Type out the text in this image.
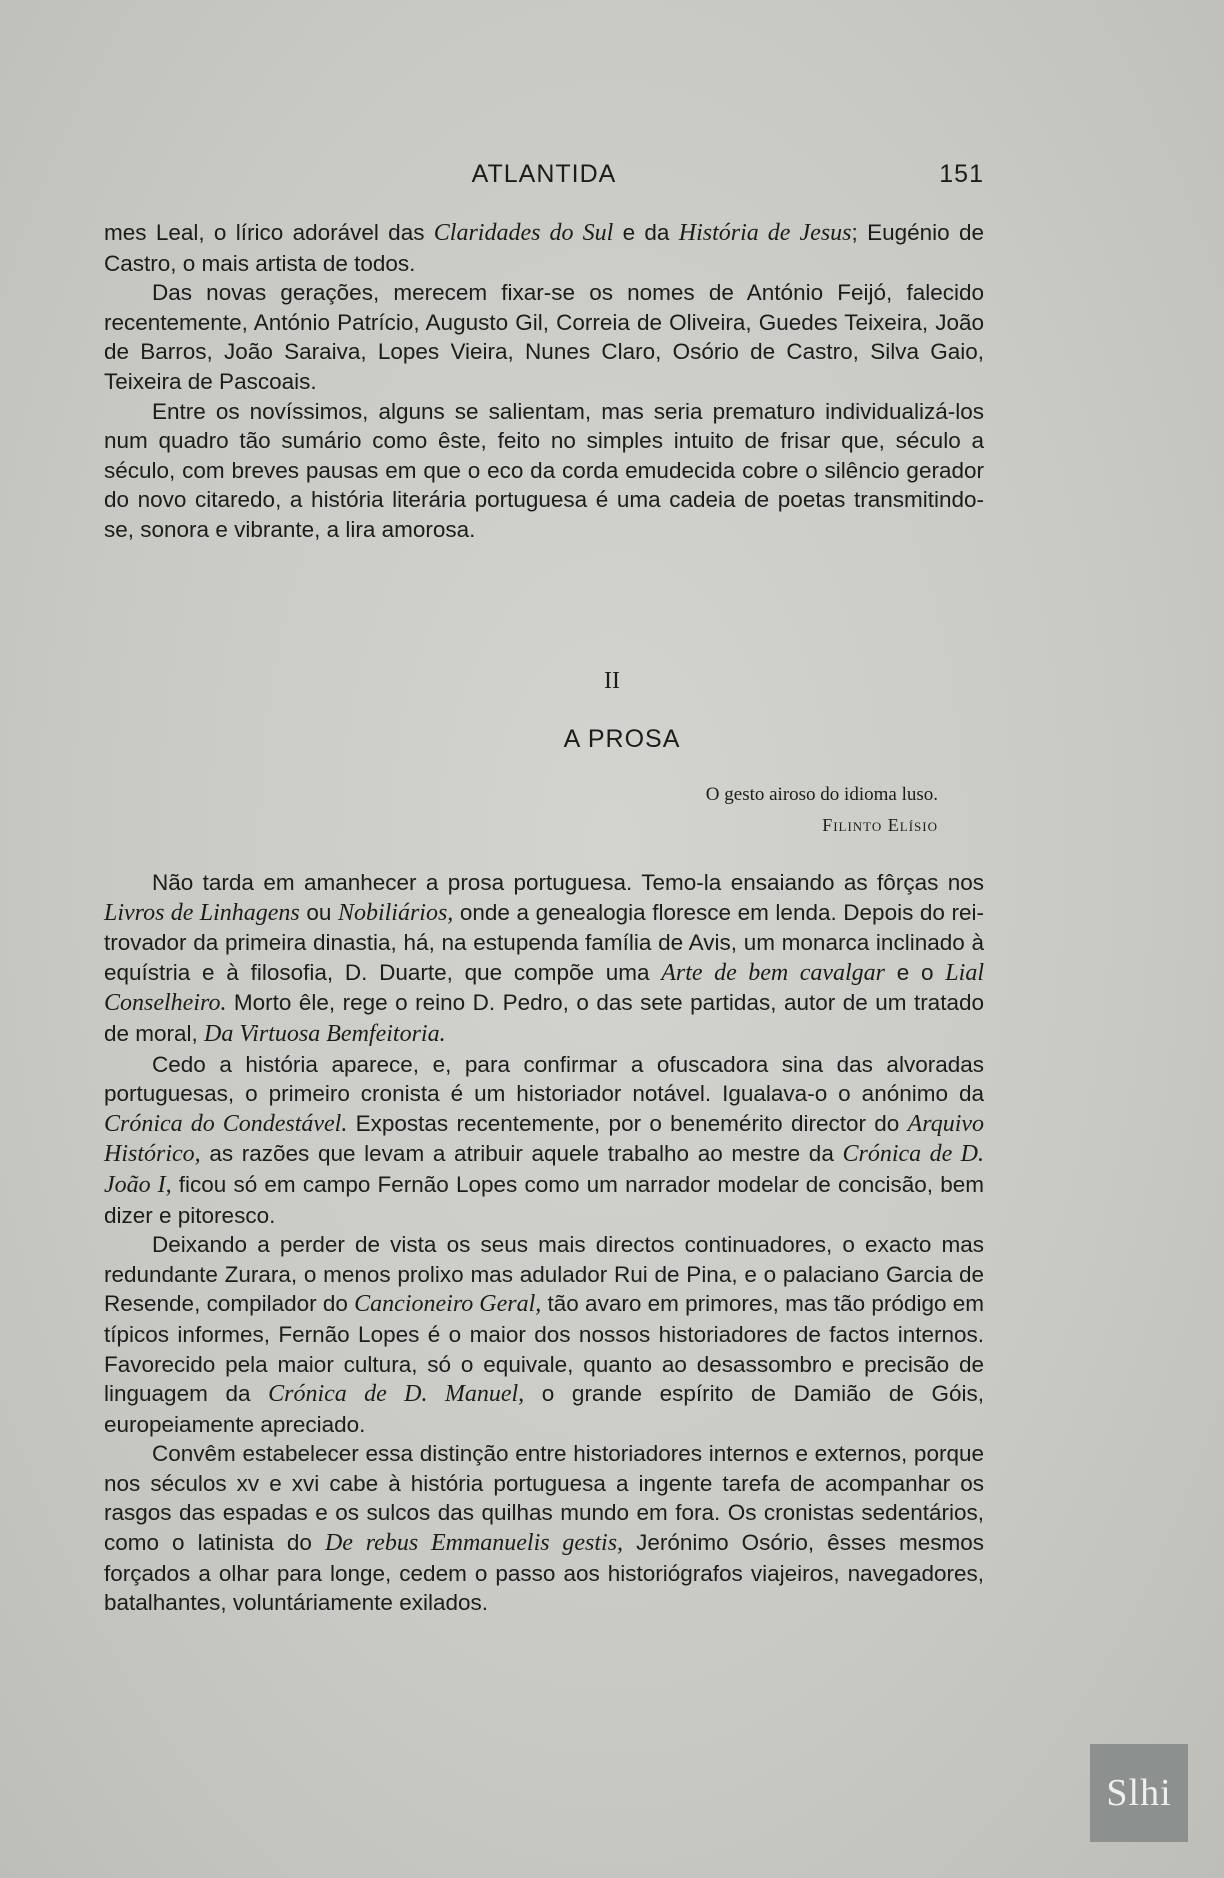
ATLANTIDA	151

mes Leal, o lírico adorável das Claridades do Sul e da História de Jesus; Eugénio de Castro, o mais artista de todos.

Das novas gerações, merecem fixar-se os nomes de António Feijó, falecido recentemente, António Patrício, Augusto Gil, Correia de Oliveira, Guedes Teixeira, João de Barros, João Saraiva, Lopes Vieira, Nunes Claro, Osório de Castro, Silva Gaio, Teixeira de Pascoais.

Entre os novíssimos, alguns se salientam, mas seria prematuro individualizá-los num quadro tão sumário como êste, feito no simples intuito de frisar que, século a século, com breves pausas em que o eco da corda emudecida cobre o silêncio gerador do novo citaredo, a história literária portuguesa é uma cadeia de poetas transmitindo-se, sonora e vibrante, a lira amorosa.

II
A PROSA
O gesto airoso do idioma luso.
Filinto Elísio

Não tarda em amanhecer a prosa portuguesa. Temo-la ensaiando as fôrças nos Livros de Linhagens ou Nobiliários, onde a genealogia floresce em lenda. Depois do rei-trovador da primeira dinastia, há, na estupenda família de Avis, um monarca inclinado à equístria e à filosofia, D. Duarte, que compõe uma Arte de bem cavalgar e o Lial Conselheiro. Morto êle, rege o reino D. Pedro, o das sete partidas, autor de um tratado de moral, Da Virtuosa Bemfeitoria.

Cedo a história aparece, e, para confirmar a ofuscadora sina das alvoradas portuguesas, o primeiro cronista é um historiador notável. Igualava-o o anónimo da Crónica do Condestável. Expostas recentemente, por o benemérito director do Arquivo Histórico, as razões que levam a atribuir aquele trabalho ao mestre da Crónica de D. João I, ficou só em campo Fernão Lopes como um narrador modelar de concisão, bem dizer e pitoresco.

Deixando a perder de vista os seus mais directos continuadores, o exacto mas redundante Zurara, o menos prolixo mas adulador Rui de Pina, e o palaciano Garcia de Resende, compilador do Cancioneiro Geral, tão avaro em primores, mas tão pródigo em típicos informes, Fernão Lopes é o maior dos nossos historiadores de factos internos. Favorecido pela maior cultura, só o equivale, quanto ao desassombro e precisão de linguagem da Crónica de D. Manuel, o grande espírito de Damião de Góis, europeiamente apreciado.

Convêm estabelecer essa distinção entre historiadores internos e externos, porque nos séculos xv e xvi cabe à história portuguesa a ingente tarefa de acompanhar os rasgos das espadas e os sulcos das quilhas mundo em fora. Os cronistas sedentários, como o latinista do De rebus Emmanuelis gestis, Jerónimo Osório, êsses mesmos forçados a olhar para longe, cedem o passo aos historiógrafos viajeiros, navegadores, batalhantes, voluntáriamente exilados.

Slhi
